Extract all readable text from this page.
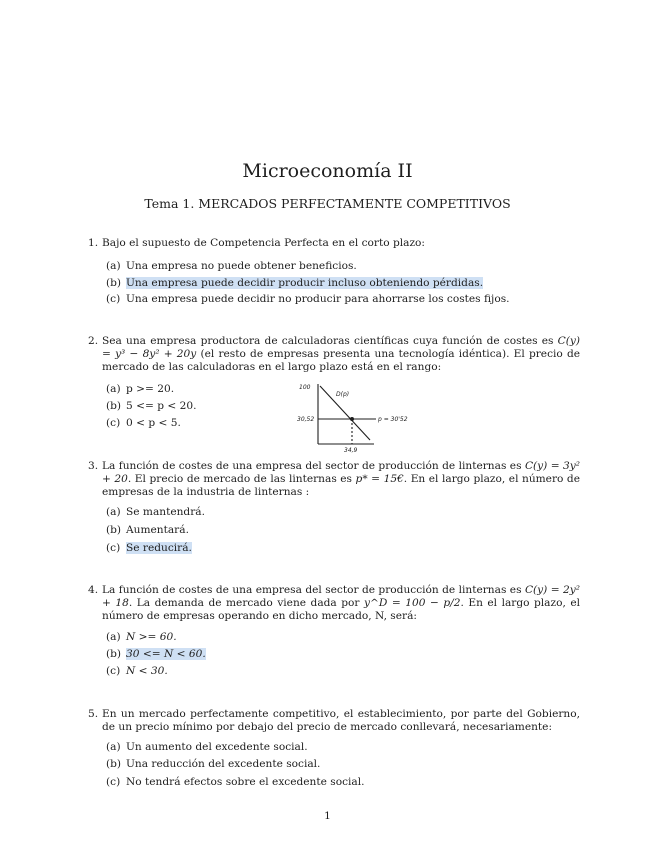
Microeconomía II
Tema 1. MERCADOS PERFECTAMENTE COMPETITIVOS
1. Bajo el supuesto de Competencia Perfecta en el corto plazo:
(a) Una empresa no puede obtener beneficios.
(b) Una empresa puede decidir producir incluso obteniendo pérdidas.
(c) Una empresa puede decidir no producir para ahorrarse los costes fijos.
2. Sea una empresa productora de calculadoras científicas cuya función de costes es C(y) = y³ − 8y² + 20y (el resto de empresas presenta una tecnología idéntica). El precio de mercado de las calculadoras en el largo plazo está en el rango:
(a) p >= 20.
(b) 5 <= p < 20.
(c) 0 < p < 5.
100
D(p)
30,52	p = 30'52
34,9
3. La función de costes de una empresa del sector de producción de linternas es C(y) = 3y² + 20. El precio de mercado de las linternas es p* = 15€. En el largo plazo, el número de empresas de la industria de linternas :
(a) Se mantendrá.
(b) Aumentará.
(c) Se reducirá.
4. La función de costes de una empresa del sector de producción de linternas es C(y) = 2y² + 18. La demanda de mercado viene dada por y^D = 100 − p/2. En el largo plazo, el número de empresas operando en dicho mercado, N, será:
(a) N >= 60.
(b) 30 <= N < 60.
(c) N < 30.
5. En un mercado perfectamente competitivo, el establecimiento, por parte del Gobierno, de un precio mínimo por debajo del precio de mercado conllevará, necesariamente:
(a) Un aumento del excedente social.
(b) Una reducción del excedente social.
(c) No tendrá efectos sobre el excedente social.
1
